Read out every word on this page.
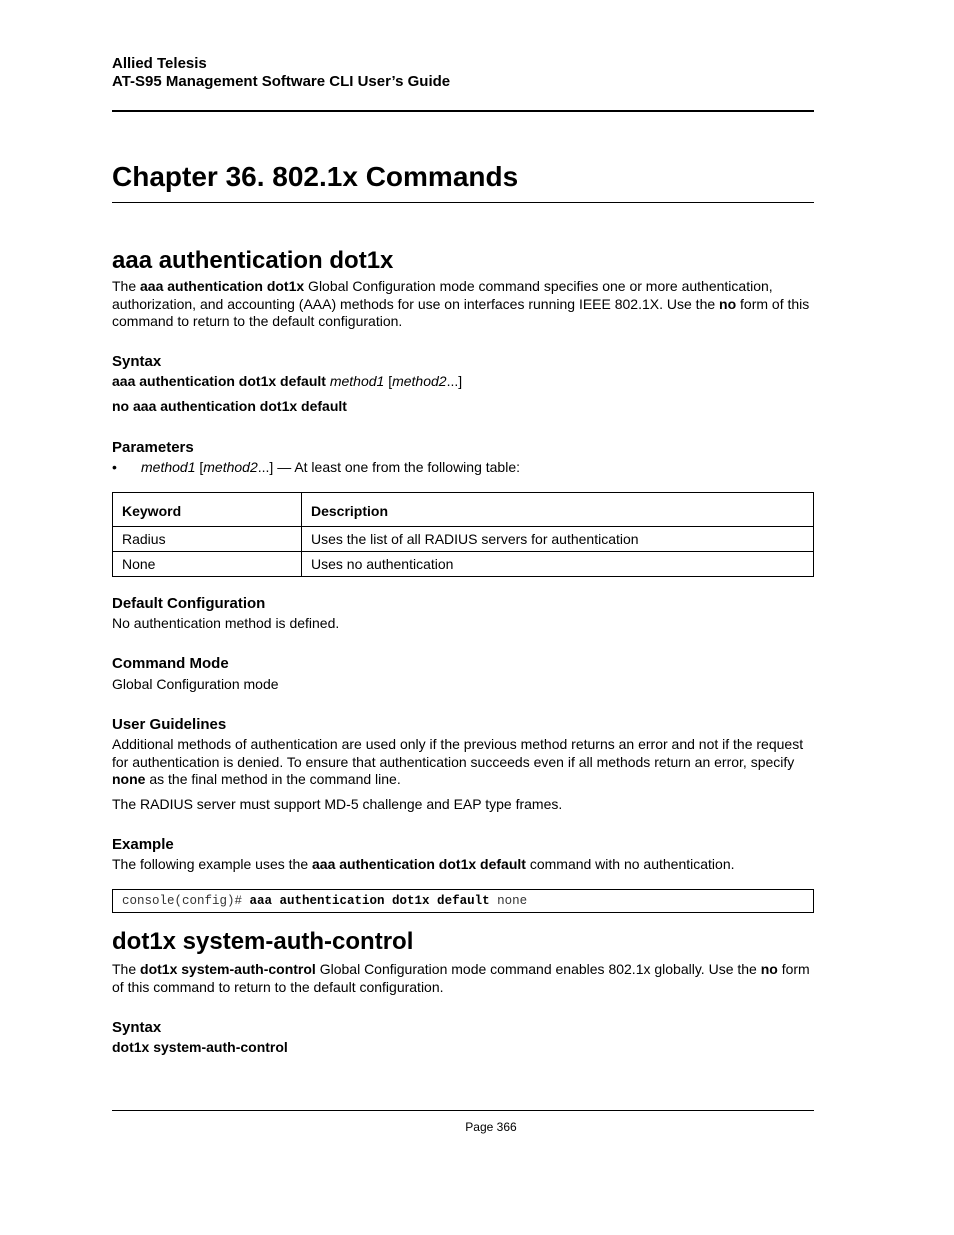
Allied Telesis

AT-S95 Management Software CLI User’s Guide

Chapter 36. 802.1x Commands
aaa authentication dot1x

The aaa authentication dot1x Global Configuration mode command specifies one or more authentication, authorization, and accounting (AAA) methods for use on interfaces running IEEE 802.1X. Use the no form of this command to return to the default configuration.

Syntax

aaa authentication dot1x default method1 [method2...]

no aaa authentication dot1x default

Parameters
• method1 [method2...] — At least one from the following table:
Keyword	Description
Radius	Uses the list of all RADIUS servers for authentication
None	Uses no authentication
Default Configuration

No authentication method is defined.

Command Mode

Global Configuration mode

User Guidelines

Additional methods of authentication are used only if the previous method returns an error and not if the request for authentication is denied. To ensure that authentication succeeds even if all methods return an error, specify none as the final method in the command line.

The RADIUS server must support MD-5 challenge and EAP type frames.

Example

The following example uses the aaa authentication dot1x default command with no authentication.

console(config)# aaa authentication dot1x default none
dot1x system-auth-control

The dot1x system-auth-control Global Configuration mode command enables 802.1x globally. Use the no form of this command to return to the default configuration.

Syntax

dot1x system-auth-control

Page 366
